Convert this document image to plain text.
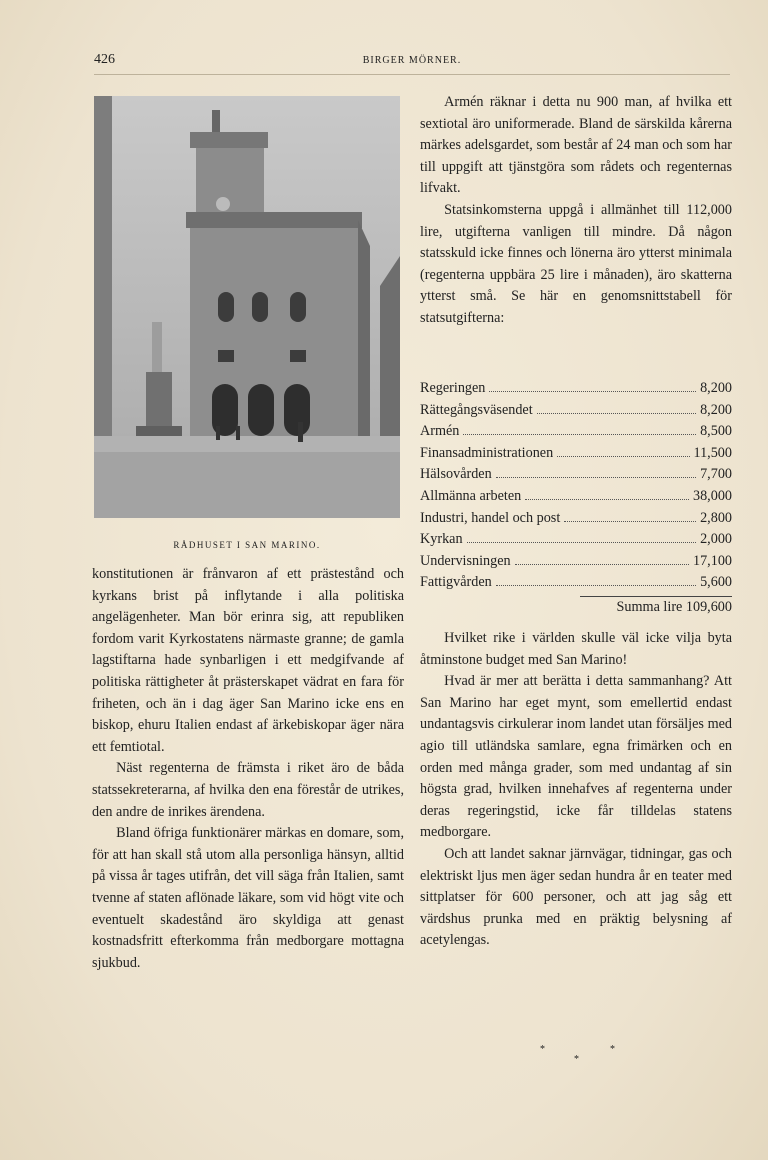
426	BIRGER MÖRNER.
RÅDHUSET I SAN MARINO.

konstitutionen är frånvaron af ett prästestånd och kyrkans brist på inflytande i alla politiska angelägenheter. Man bör erinra sig, att republiken fordom varit Kyrkostatens närmaste granne; de gamla lagstiftarna hade synbarligen i ett medgifvande af politiska rättigheter åt prästerskapet vädrat en fara för friheten, och än i dag äger San Marino icke ens en biskop, ehuru Italien endast af ärkebiskopar äger nära ett femtiotal.

Näst regenterna de främsta i riket äro de båda statssekreterarna, af hvilka den ena förestår de utrikes, den andre de inrikes ärendena.

Bland öfriga funktionärer märkas en domare, som, för att han skall stå utom alla personliga hänsyn, alltid på vissa år tages utifrån, det vill säga från Italien, samt tvenne af staten aflönade läkare, som vid högt vite och eventuelt skadestånd äro skyldiga att genast kostnadsfritt efterkomma från medborgare mottagna sjukbud.

Armén räknar i detta nu 900 man, af hvilka ett sextiotal äro uniformerade. Bland de särskilda kårerna märkes adelsgardet, som består af 24 man och som har till uppgift att tjänstgöra som rådets och regenternas lifvakt.

Statsinkomsterna uppgå i allmänhet till 112,000 lire, utgifterna vanligen till mindre. Då någon statsskuld icke finnes och lönerna äro ytterst minimala (regenterna uppbära 25 lire i månaden), äro skatterna ytterst små. Se här en genomsnittstabell för statsutgifterna:

Regeringen	8,200
Rättegångsväsendet	8,200
Armén	8,500
Finansadministrationen	11,500
Hälsovården	7,700
Allmänna arbeten	38,000
Industri, handel och post	2,800
Kyrkan	2,000
Undervisningen	17,100
Fattigvården	5,600
Summa lire 109,600

Hvilket rike i världen skulle väl icke vilja byta åtminstone budget med San Marino!

Hvad är mer att berätta i detta sammanhang? Att San Marino har eget mynt, som emellertid endast undantagsvis cirkulerar inom landet utan försäljes med agio till utländska samlare, egna frimärken och en orden med många grader, som med undantag af sin högsta grad, hvilken innehafves af regenterna under deras regeringstid, icke får tilldelas statens medborgare.

Och att landet saknar järnvägar, tidningar, gas och elektriskt ljus men äger sedan hundra år en teater med sittplatser för 600 personer, och att jag såg ett värdshus prunka med en präktig belysning af acetylengas.

*
*
*
